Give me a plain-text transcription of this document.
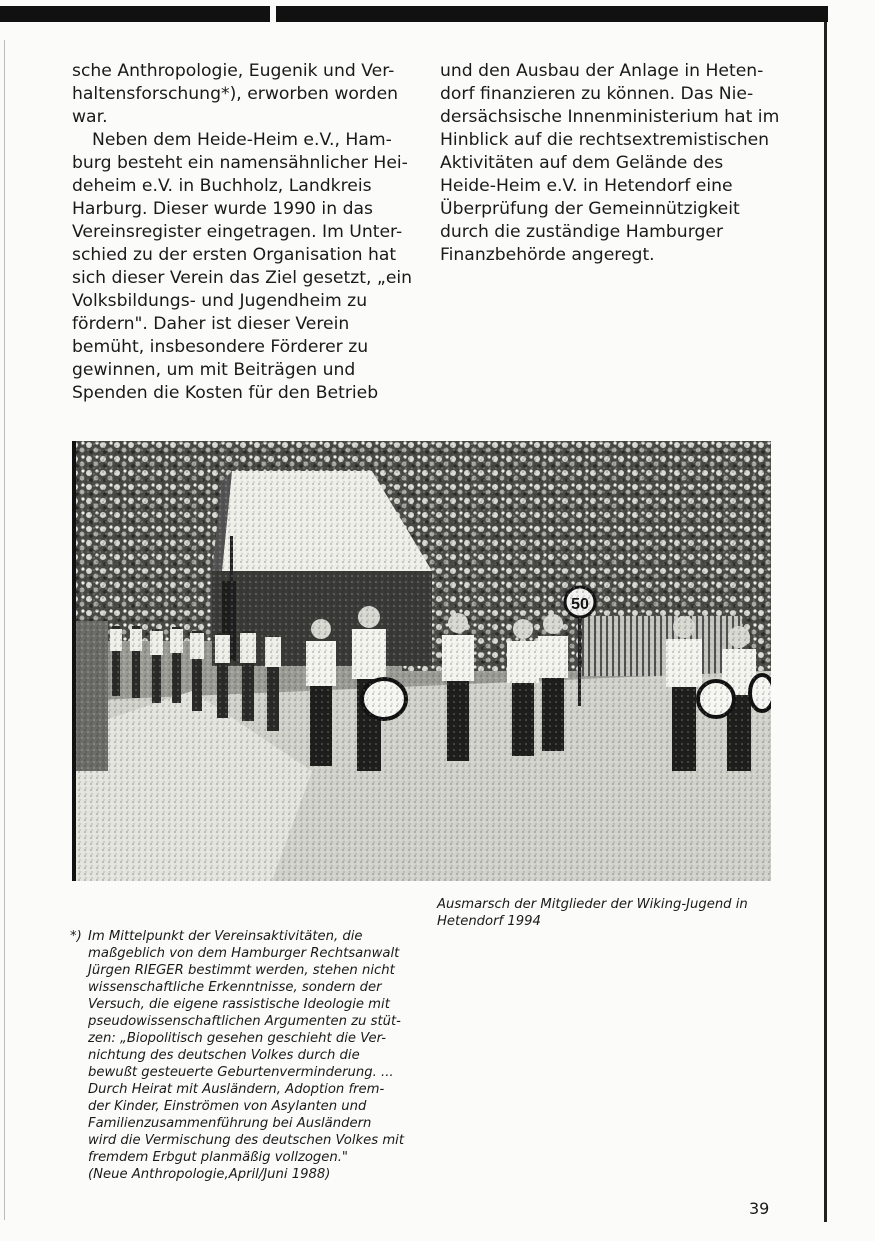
sche Anthropologie, Eugenik und Ver-
haltensforschung*), erworben worden
war.
Neben dem Heide-Heim e.V., Ham-
burg besteht ein namensähnlicher Hei-
deheim e.V. in Buchholz, Landkreis
Harburg. Dieser wurde 1990 in das
Vereinsregister eingetragen. Im Unter-
schied zu der ersten Organisation hat
sich dieser Verein das Ziel gesetzt, „ein
Volksbildungs- und Jugendheim zu
fördern". Daher ist dieser Verein
bemüht, insbesondere Förderer zu
gewinnen, um mit Beiträgen und
Spenden die Kosten für den Betrieb
und den Ausbau der Anlage in Heten-
dorf finanzieren zu können. Das Nie-
dersächsische Innenministerium hat im
Hinblick auf die rechtsextremistischen
Aktivitäten auf dem Gelände des
Heide-Heim e.V. in Hetendorf eine
Überprüfung der Gemeinnützigkeit
durch die zuständige Hamburger
Finanzbehörde angeregt.
Ausmarsch der Mitglieder der Wiking-Jugend in
Hetendorf 1994
*) Im Mittelpunkt der Vereinsaktivitäten, die
maßgeblich von dem Hamburger Rechtsanwalt
Jürgen RIEGER bestimmt werden, stehen nicht
wissenschaftliche Erkenntnisse, sondern der
Versuch, die eigene rassistische Ideologie mit
pseudowissenschaftlichen Argumenten zu stüt-
zen: „Biopolitisch gesehen geschieht die Ver-
nichtung des deutschen Volkes durch die
bewußt gesteuerte Geburtenverminderung. ...
Durch Heirat mit Ausländern, Adoption frem-
der Kinder, Einströmen von Asylanten und
Familienzusammenführung bei Ausländern
wird die Vermischung des deutschen Volkes mit
fremdem Erbgut planmäßig vollzogen."
(Neue Anthropologie,April/Juni 1988)
39
